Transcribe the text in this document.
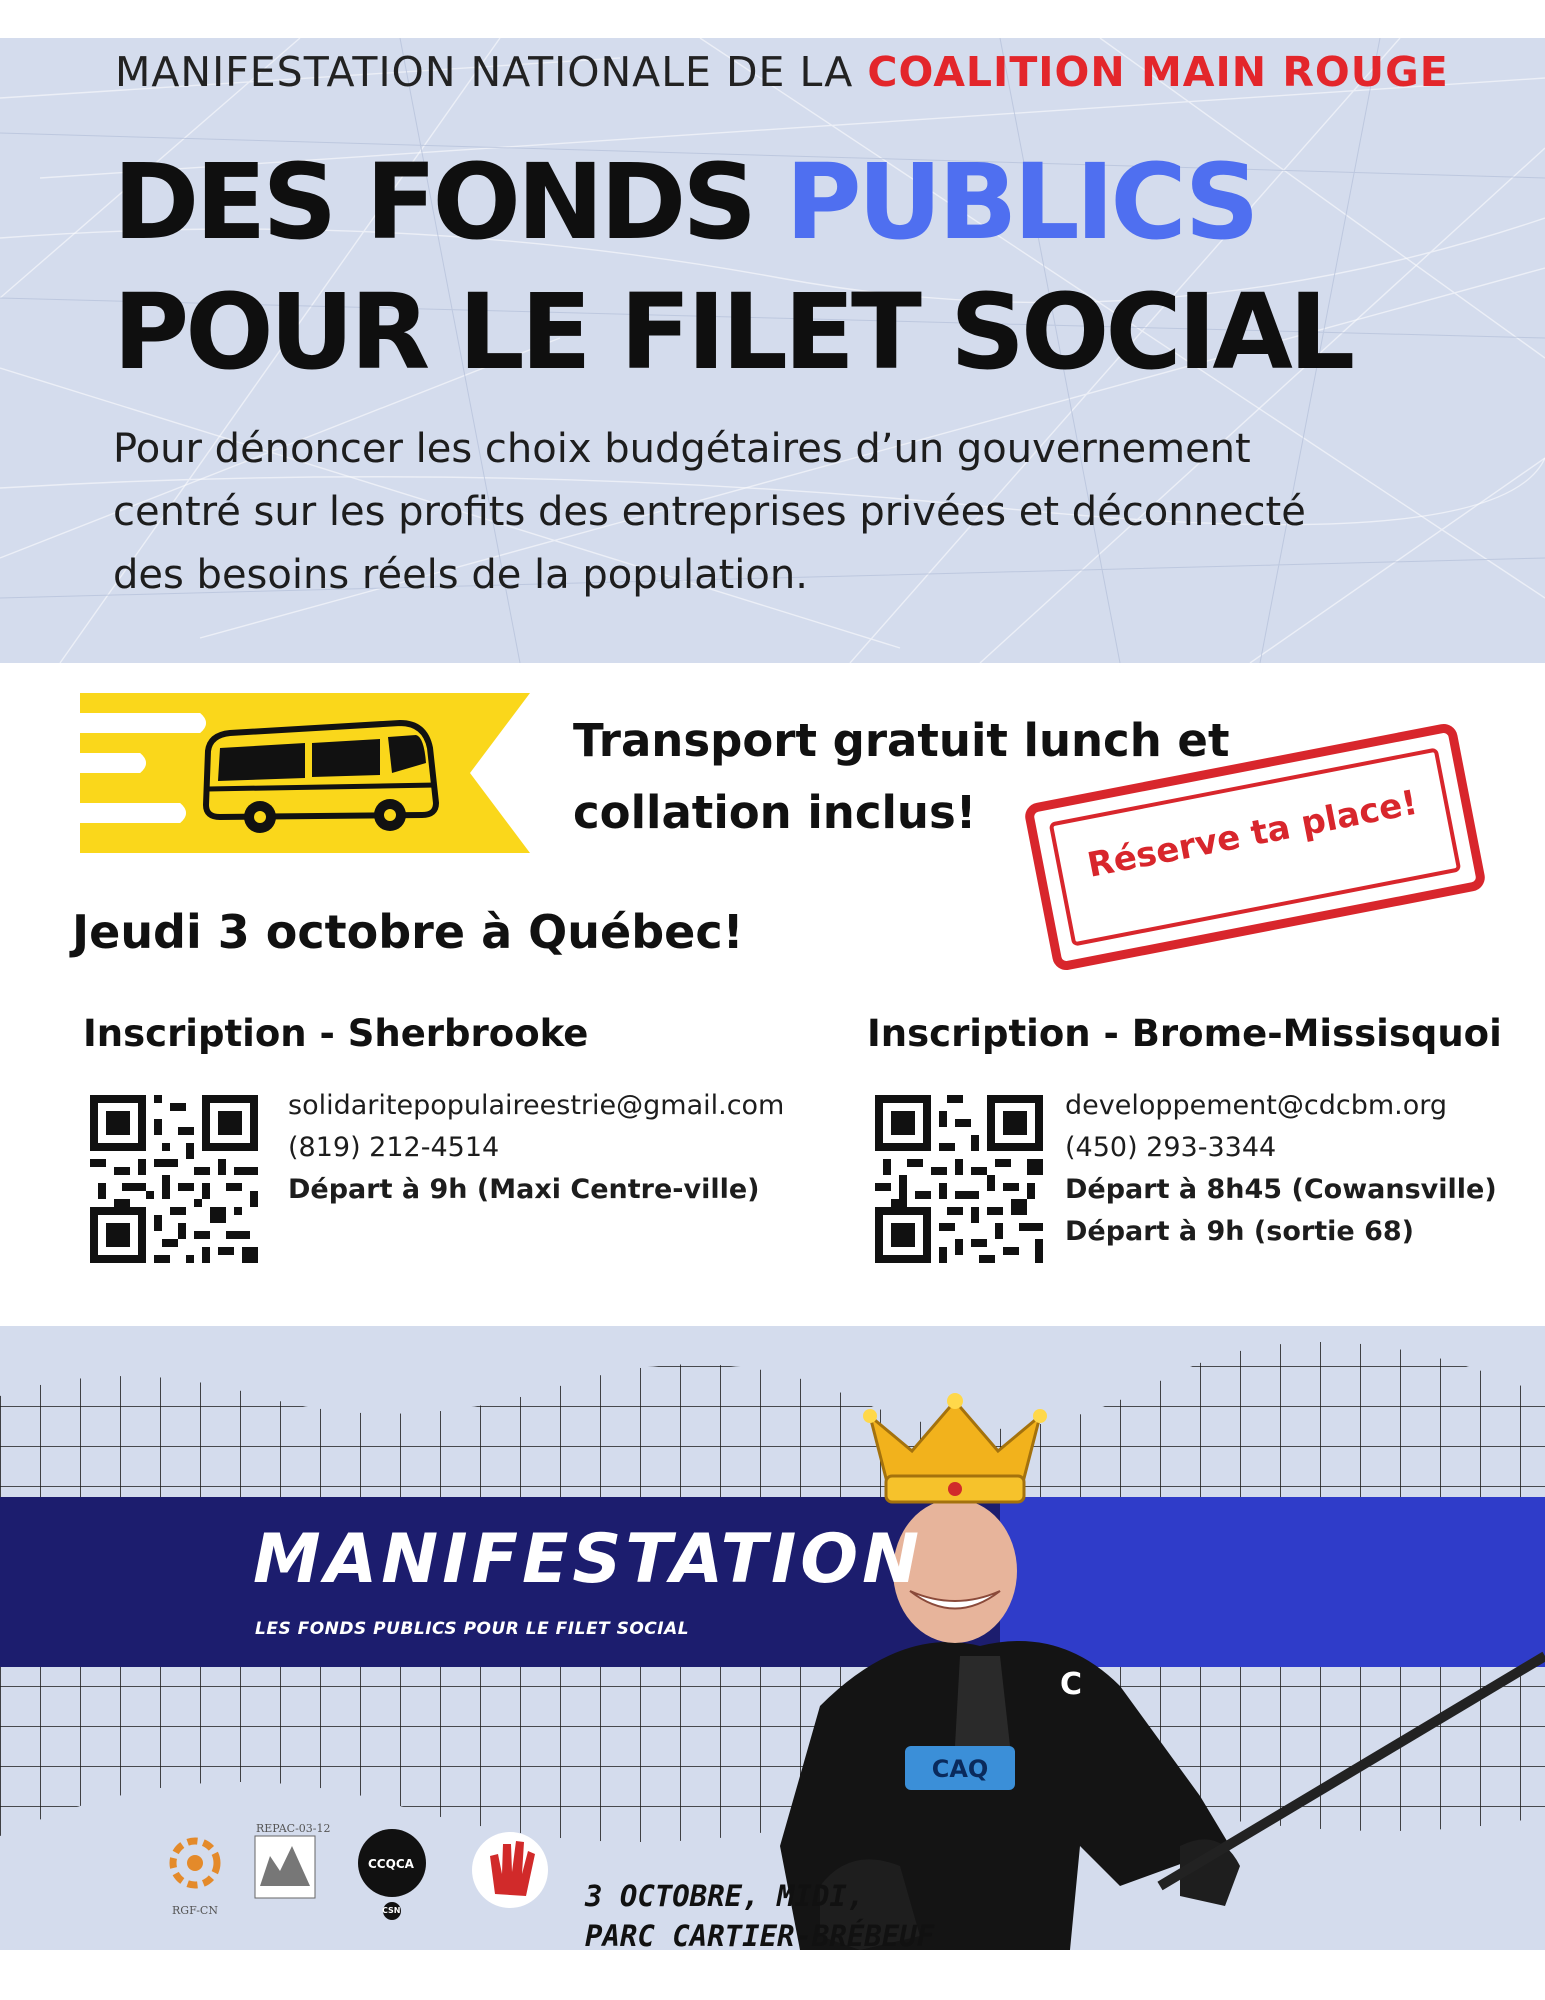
MANIFESTATION NATIONALE DE LA COALITION MAIN ROUGE
DES FONDS PUBLICS
POUR LE FILET SOCIAL
Pour dénoncer les choix budgétaires d’un gouvernement
centré sur les profits des entreprises privées et déconnecté
des besoins réels de la population.
Transport gratuit lunch et
collation inclus!	Réserve ta place!
Jeudi 3 octobre à Québec!
Inscription - Sherbrooke
solidaritepopulaireestrie@gmail.com
(819) 212-4514
Départ à 9h (Maxi Centre-ville)
Inscription - Brome-Missisquoi
developpement@cdcbm.org
(450) 293-3344
Départ à 8h45 (Cowansville)
Départ à 9h (sortie 68)
CAQ
C
MANIFESTATION
LES FONDS PUBLICS POUR LE FILET SOCIAL
RGF-CN
REPAC-03-12
CCQCA
CSN	3 OCTOBRE, MIDI,
PARC CARTIER-BRÉBEUF
